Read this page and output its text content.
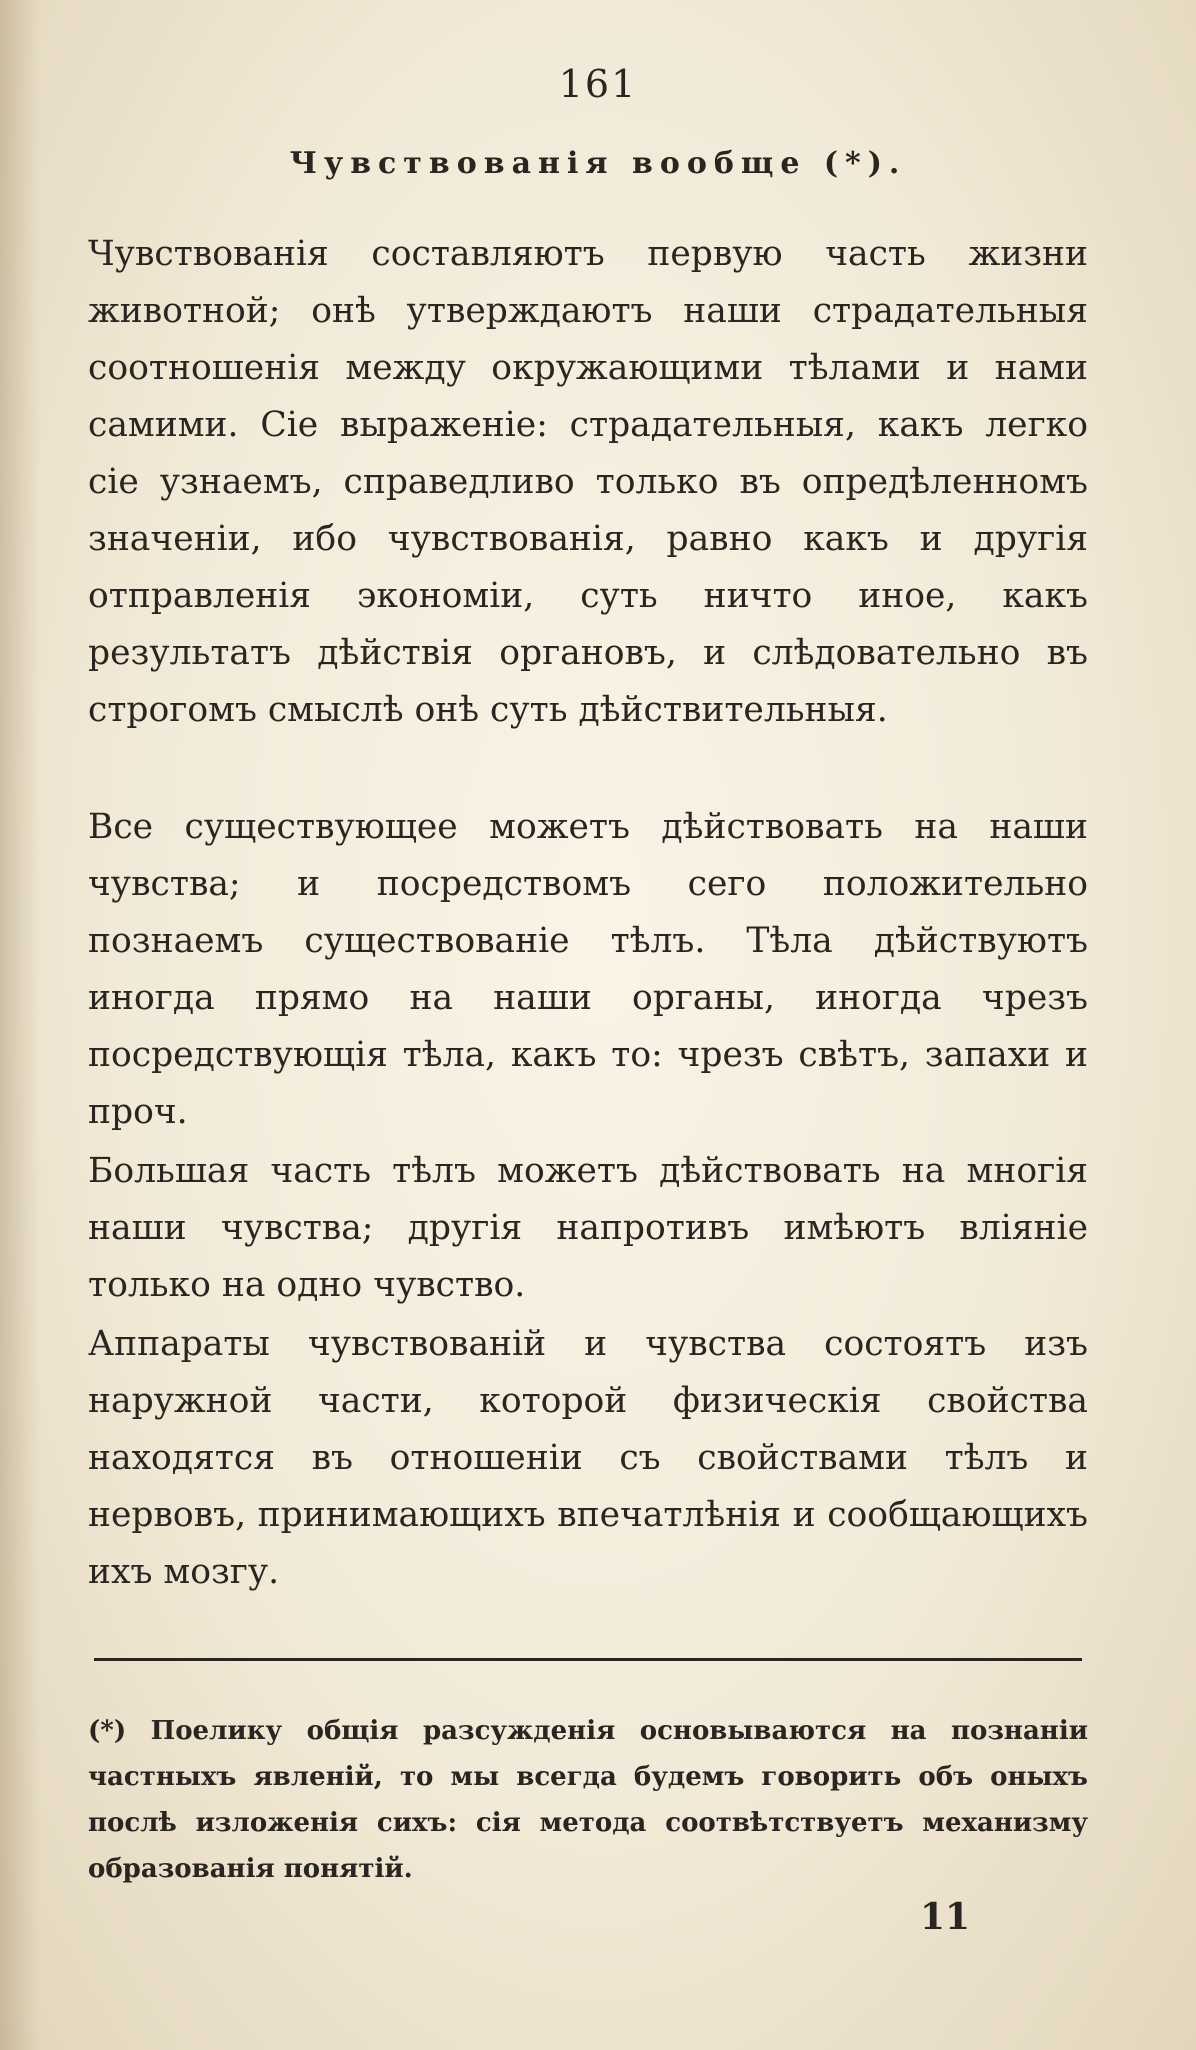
161
Чувствованія вообще (*).
Чувствованія составляютъ первую часть жизни животной; онѣ утверждаютъ наши страдательныя соотношенія между окружающими тѣлами и нами самими. Сіе выраженіе: страдательныя, какъ легко сіе узнаемъ, справедливо только въ опредѣленномъ значеніи, ибо чувствованія, равно какъ и другія отправленія экономіи, суть ничто иное, какъ результатъ дѣйствія органовъ, и слѣдовательно въ строгомъ смыслѣ онѣ суть дѣйствительныя.
Все существующее можетъ дѣйствовать на наши чувства; и посредствомъ сего положительно познаемъ существованіе тѣлъ. Тѣла дѣйствуютъ иногда прямо на наши органы, иногда чрезъ посредствующія тѣла, какъ то: чрезъ свѣтъ, запахи и проч.
Большая часть тѣлъ можетъ дѣйствовать на многія наши чувства; другія напротивъ имѣютъ вліяніе только на одно чувство.
Аппараты чувствованій и чувства состоятъ изъ наружной части, которой физическія свойства находятся въ отношеніи съ свойствами тѣлъ и нервовъ, принимающихъ впечатлѣнія и сообщающихъ ихъ мозгу.
(*) Поелику общія разсужденія основываются на познаніи частныхъ явленій, то мы всегда будемъ говорить объ оныхъ послѣ изложенія сихъ: сія метода соотвѣтствуетъ механизму образованія понятій.
11
